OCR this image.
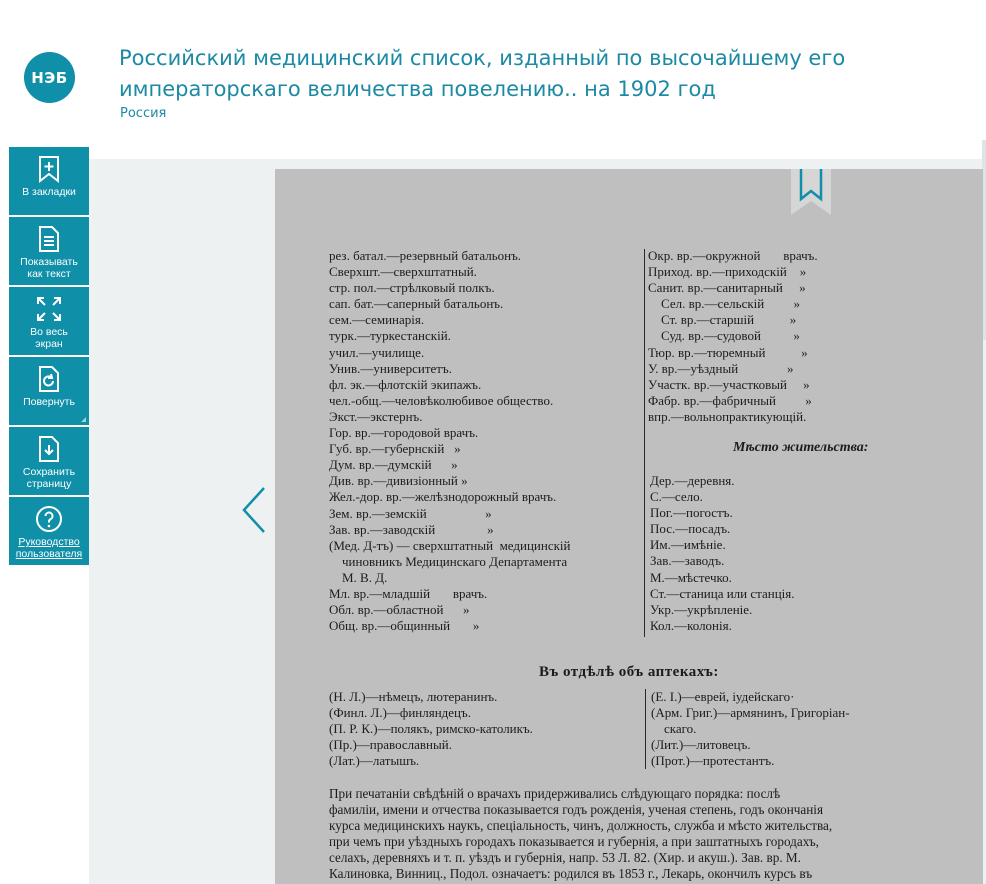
НЭБ
Российский медицинский список, изданный по высочайшему его
императорскаго величества повелению.. на 1902 год
Россия
В закладки
Показывать
как текст
Во весь
экран
Повернуть
Сохранить
страницу
Руководство
пользователя
рез. батал.—резервный батальонъ.
Сверхшт.—сверхштатный.
стр. пол.—стрѣлковый полкъ.
сап. бат.—саперный батальонъ.
сем.—семинарія.
турк.—туркестанскій.
учил.—училище.
Унив.—университетъ.
фл. эк.—флотскій экипажъ.
чел.-общ.—человѣколюбивое общество.
Экст.—экстернъ.
Гор. вр.—городовой врачъ.
Губ. вр.—губернскій   »
Дум. вр.—думскій      »
Див. вр.—дивизіонный »
Жел.-дор. вр.—желѣзнодорожный врачъ.
Зем. вр.—земскій                  »
Зав. вр.—заводскій                »
(Мед. Д-тъ) — сверхштатный  медицинскій
чиновникъ Медицинскаго Департамента
М. В. Д.
Мл. вр.—младшій       врачъ.
Обл. вр.—областной      »
Общ. вр.—общинный       »
Окр. вр.—окружной       врачъ.
Приход. вр.—приходскій    »
Санит. вр.—санитарный     »
Сел. вр.—сельскій         »
Ст. вр.—старшій           »
Суд. вр.—судовой          »
Тюр. вр.—тюремный           »
У. вр.—уѣздный               »
Участк. вр.—участковый     »
Фабр. вр.—фабричный         »
впр.—вольнопрактикующій.
Мѣсто жительства:
Дер.—деревня.
С.—село.
Пог.—погостъ.
Пос.—посадъ.
Им.—имѣніе.
Зав.—заводъ.
М.—мѣстечко.
Ст.—станица или станція.
Укр.—укрѣпленіе.
Кол.—колонія.
Въ отдѣлѣ объ аптекахъ:
(Н. Л.)—нѣмецъ, лютеранинъ.
(Финл. Л.)—финляндецъ.
(П. Р. К.)—полякъ, римско-католикъ.
(Пр.)—православный.
(Лат.)—латышъ.
(Е. І.)—еврей, іудейскаго·
(Арм. Григ.)—армянинъ, Григоріан-
скаго.
(Лит.)—литовецъ.
(Прот.)—протестантъ.
При печатаніи свѣдѣній о врачахъ придерживались слѣдующаго порядка: послѣ
фамиліи, имени и отчества показывается годъ рожденія, ученая степень, годъ окончанія
курса медицинскихъ наукъ, спеціальность, чинъ, должность, служба и мѣсто жительства,
при чемъ при уѣздныхъ городахъ показывается и губернія, а при заштатныхъ городахъ,
селахъ, деревняхъ и т. п. уѣздъ и губернія, напр. 53 Л. 82. (Хир. и акуш.). Зав. вр. М.
Калиновка, Винниц., Подол. означаетъ: родился въ 1853 г., Лекарь, окончилъ курсъ въ
